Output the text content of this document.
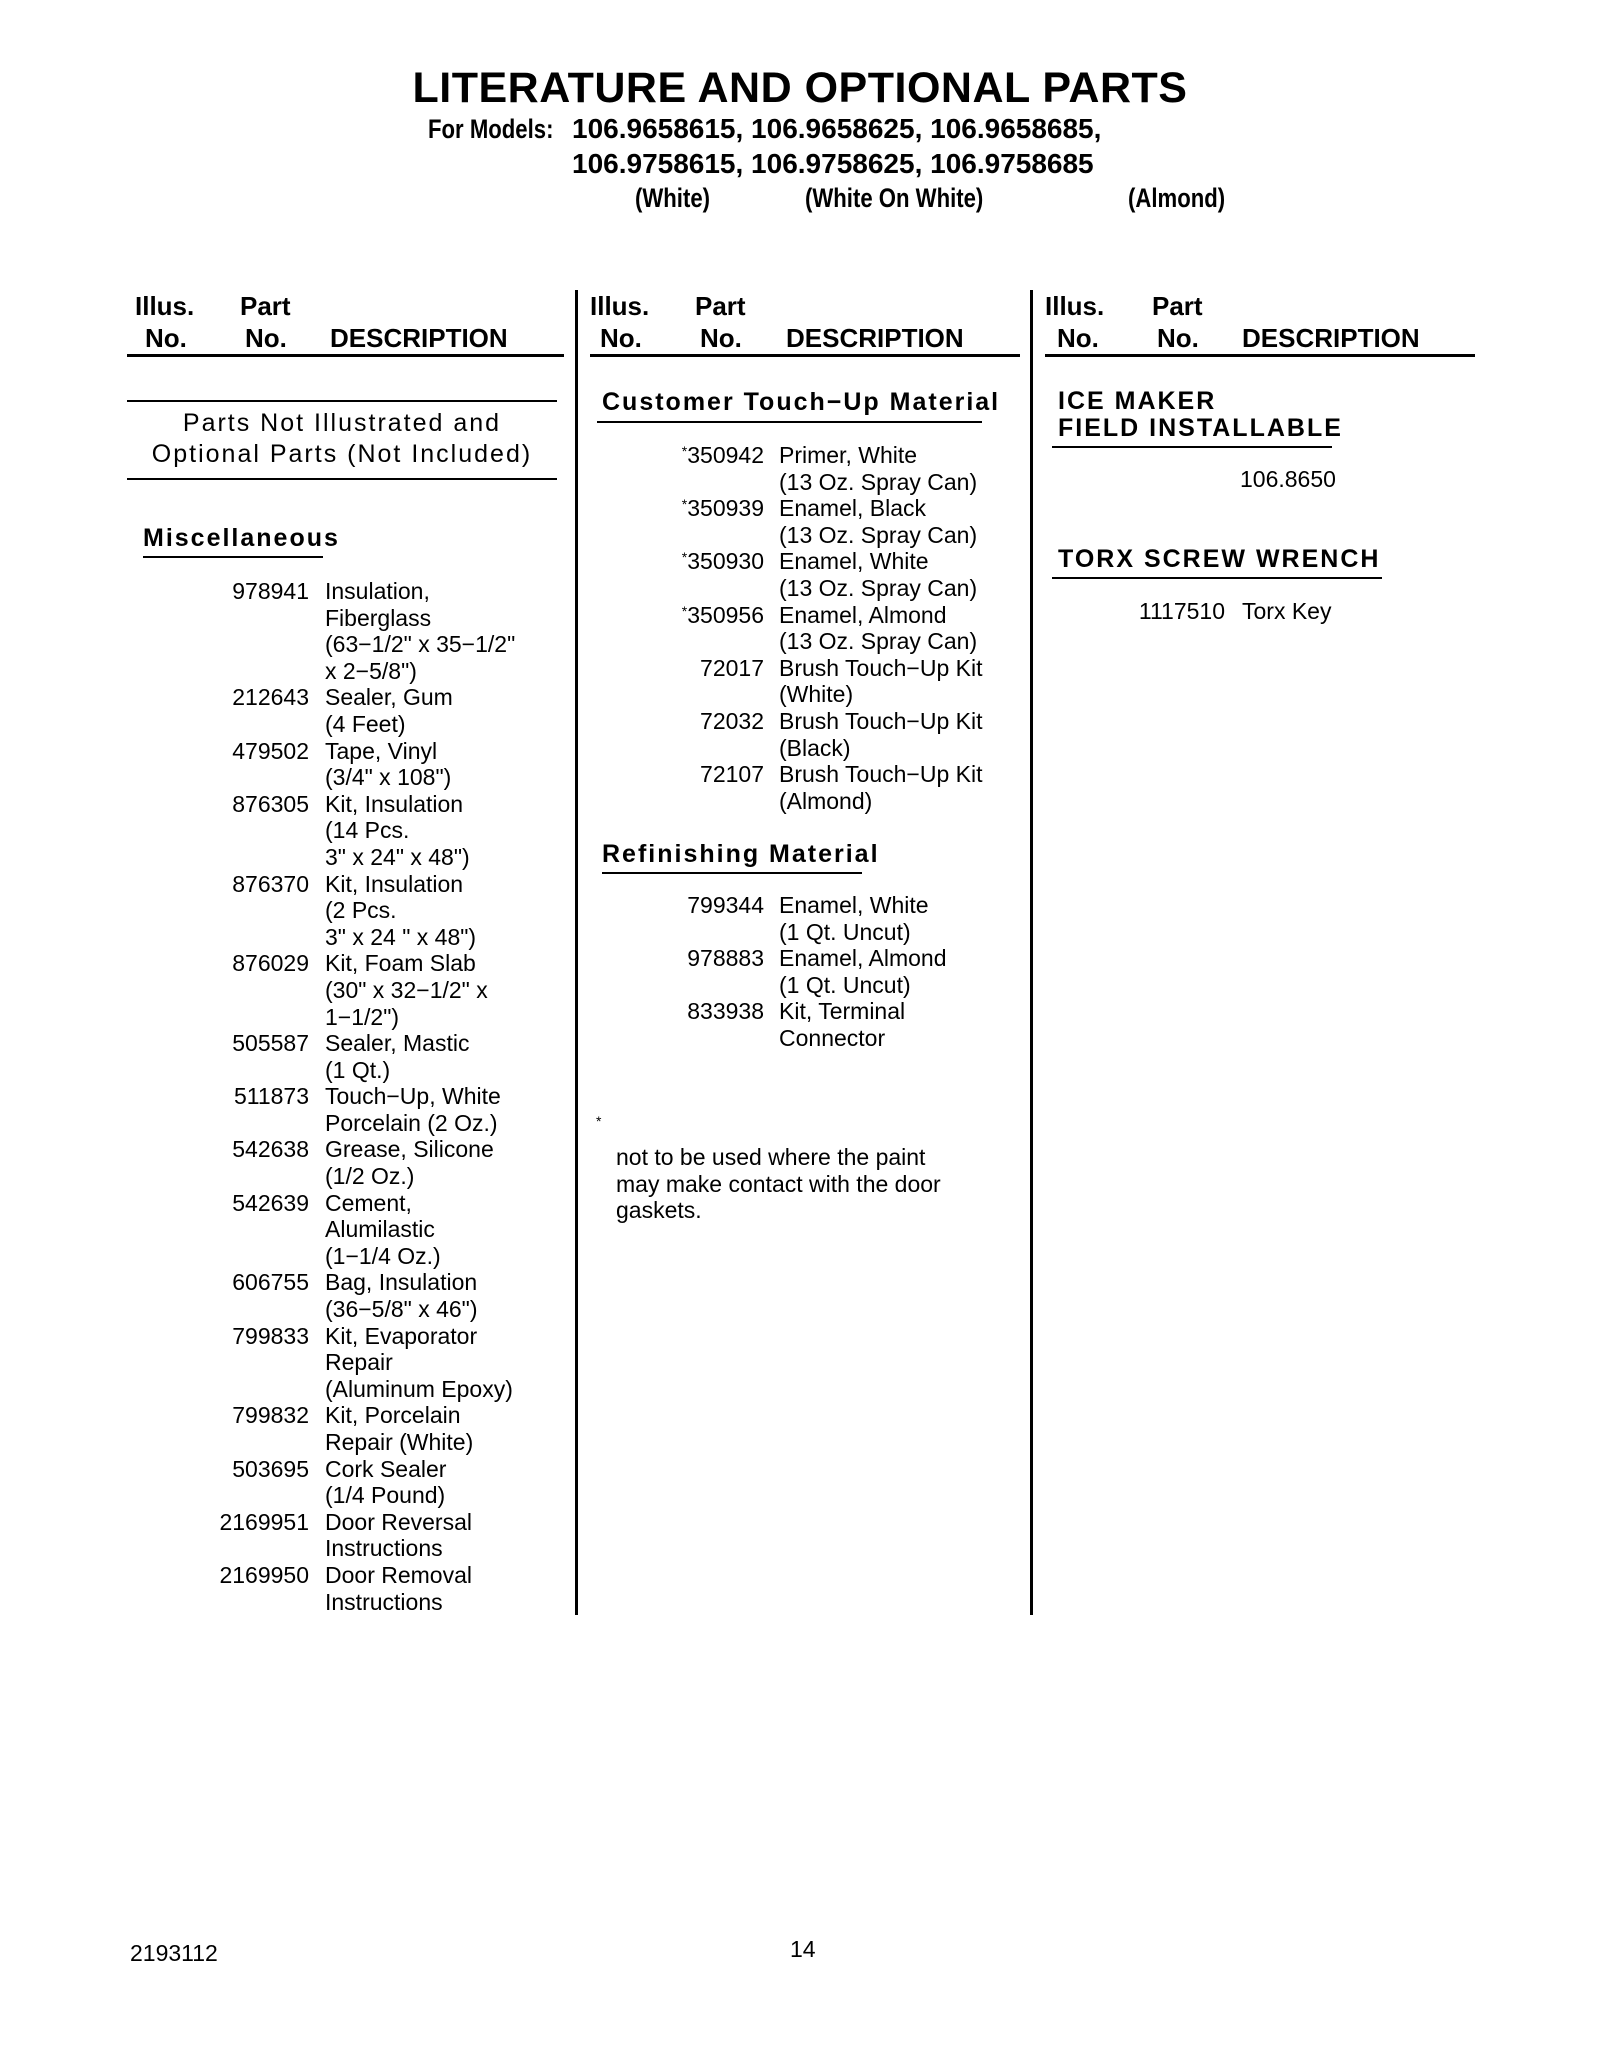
LITERATURE AND OPTIONAL PARTS
For Models: 106.9658615, 106.9658625, 106.9658685,
106.9758615, 106.9758625, 106.9758685
(White)	(White On White)	(Almond)
Illus. Part
No. No. DESCRIPTION
Illus. Part
No. No. DESCRIPTION
Illus. Part
No. No. DESCRIPTION
Parts Not Illustrated and
Optional Parts (Not Included)
Miscellaneous
978941 Insulation,
Fiberglass
(63−1/2" x 35−1/2"
x 2−5/8")
212643 Sealer, Gum
(4 Feet)
479502 Tape, Vinyl
(3/4" x 108")
876305 Kit, Insulation
(14 Pcs.
3" x 24" x 48")
876370 Kit, Insulation
(2 Pcs.
3" x 24 " x 48")
876029 Kit, Foam Slab
(30" x 32−1/2" x
1−1/2")
505587 Sealer, Mastic
(1 Qt.)
511873 Touch−Up, White
Porcelain (2 Oz.)
542638 Grease, Silicone
(1/2 Oz.)
542639 Cement,
Alumilastic
(1−1/4 Oz.)
606755 Bag, Insulation
(36−5/8" x 46")
799833 Kit, Evaporator
Repair
(Aluminum Epoxy)
799832 Kit, Porcelain
Repair (White)
503695 Cork Sealer
(1/4 Pound)
2169951 Door Reversal
Instructions
2169950 Door Removal
Instructions
Customer Touch−Up Material
*350942 Primer, White
(13 Oz. Spray Can)
*350939 Enamel, Black
(13 Oz. Spray Can)
*350930 Enamel, White
(13 Oz. Spray Can)
*350956 Enamel, Almond
(13 Oz. Spray Can)
72017 Brush Touch−Up Kit
(White)
72032 Brush Touch−Up Kit
(Black)
72107 Brush Touch−Up Kit
(Almond)
Refinishing Material
799344 Enamel, White
(1 Qt. Uncut)
978883 Enamel, Almond
(1 Qt. Uncut)
833938 Kit, Terminal
Connector
*
not to be used where the paint
may make contact with the door
gaskets.
ICE MAKER
FIELD INSTALLABLE
106.8650
TORX SCREW WRENCH
1117510 Torx Key
2193112	14
